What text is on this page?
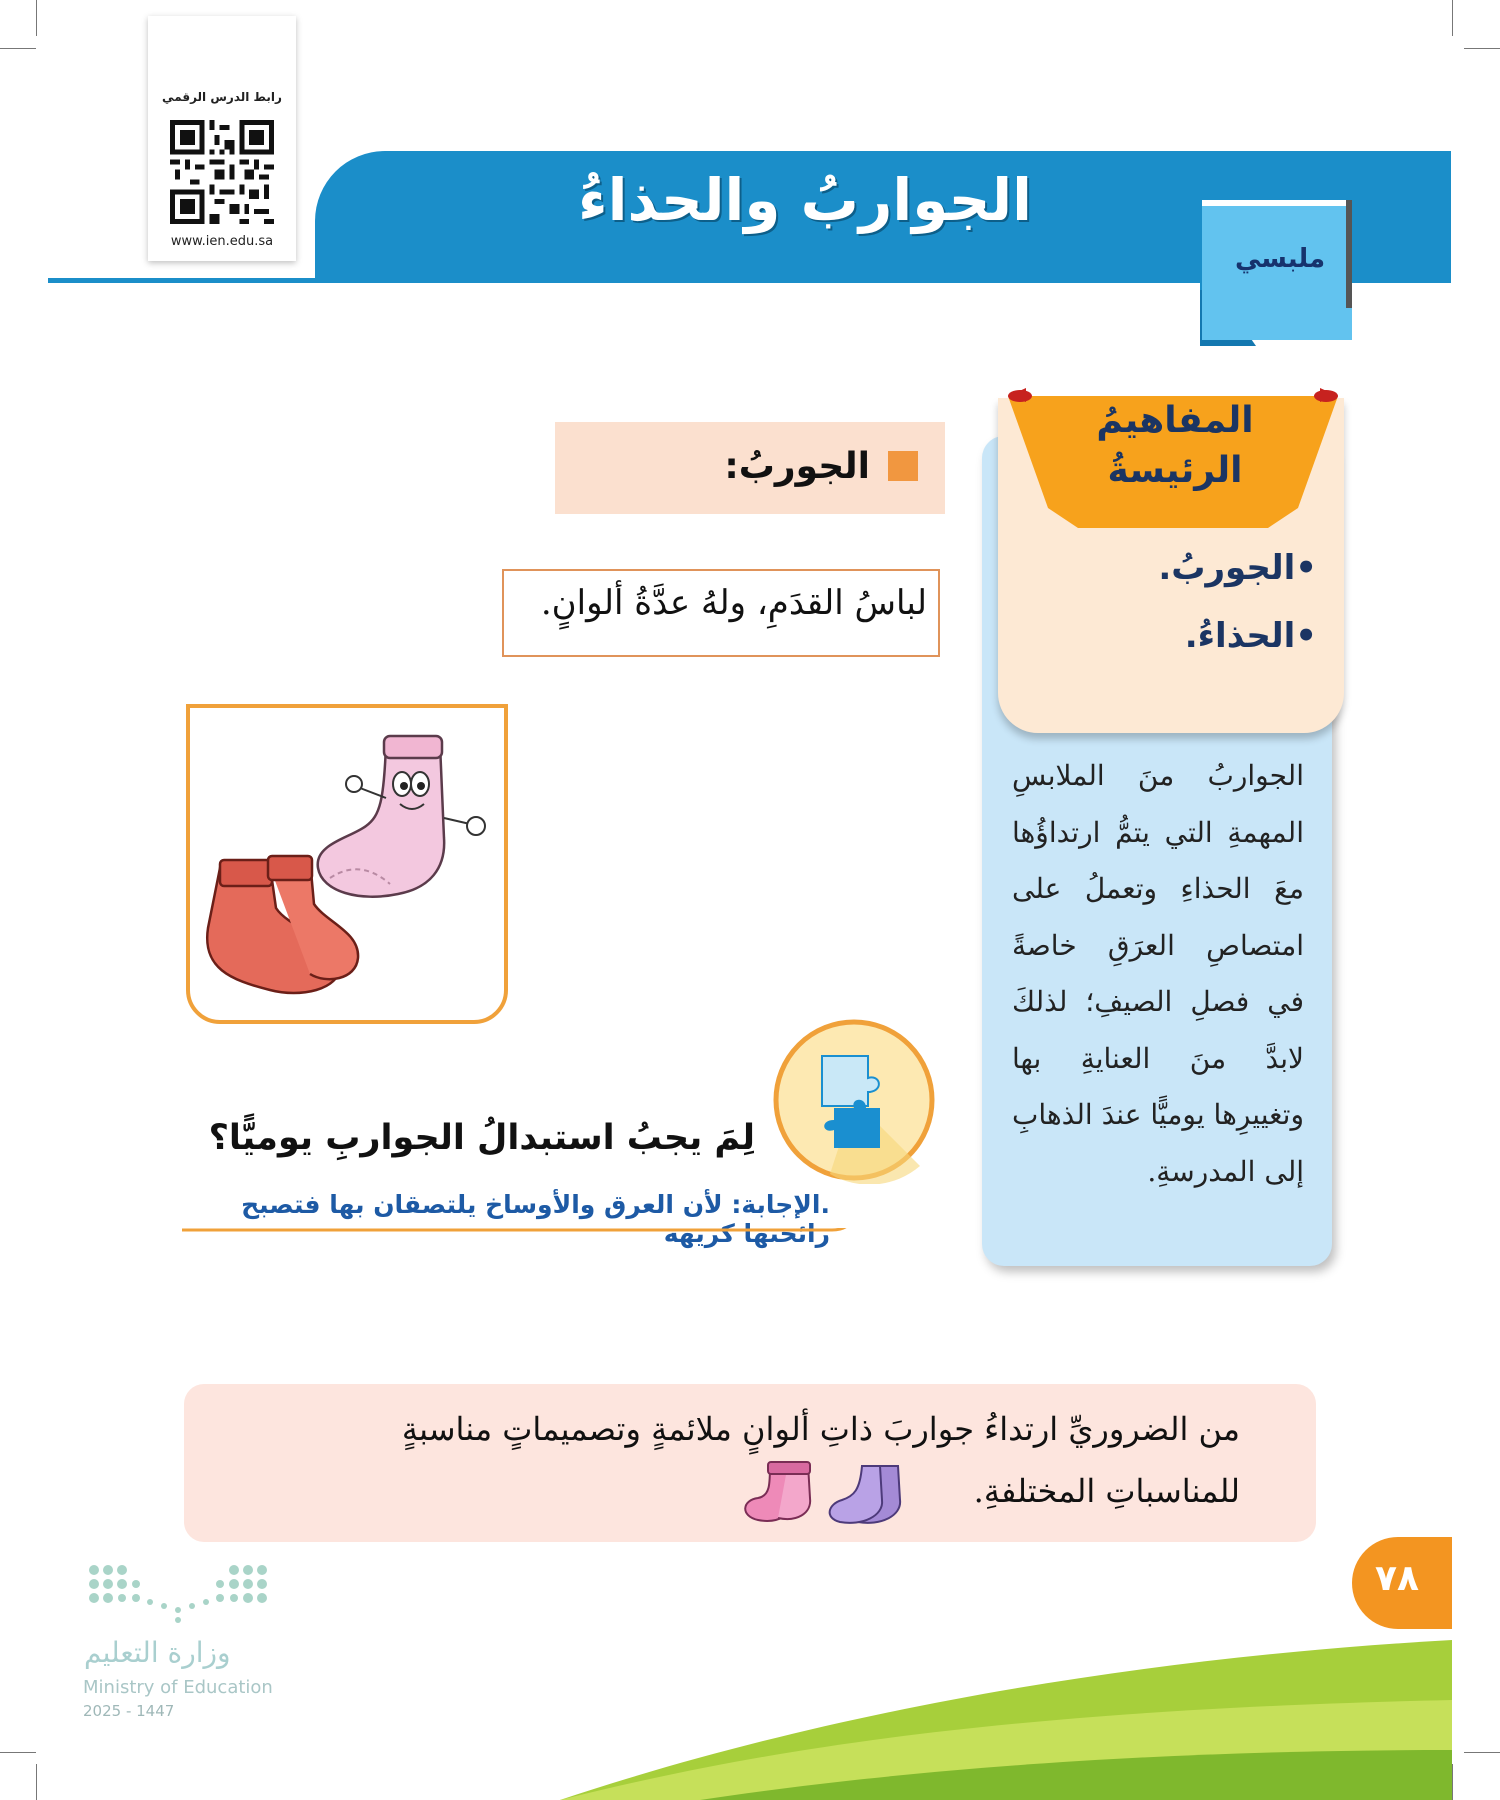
رابط الدرس الرقمي
www.ien.edu.sa
الجواربُ والحذاءُ
ملبسي
المفاهيمُ
الرئيسةُ
•الجوربُ.
•الحذاءُ.
الجواربُ منَ الملابسِ المهمةِ التي يتمُّ ارتداؤُها معَ الحذاءِ وتعملُ على امتصاصِ العرَقِ خاصةً في فصلِ الصيفِ؛ لذلكَ لابدَّ منَ العنايةِ بها وتغييرِها يوميًّا عندَ الذهابِ إلى المدرسةِ.
الجوربُ:
لباسُ القدَمِ، ولهُ عدَّةُ ألوانٍ.
لِمَ يجبُ استبدالُ الجواربِ يوميًّا؟
.الإجابة: لأن العرق والأوساخ يلتصقان بها فتصبح رائحتها كريهة
من الضروريِّ ارتداءُ جواربَ ذاتِ ألوانٍ ملائمةٍ وتصميماتٍ مناسبةٍ للمناسباتِ المختلفةِ.
٧٨
وزارة التعليم
Ministry of Education
2025 - 1447
